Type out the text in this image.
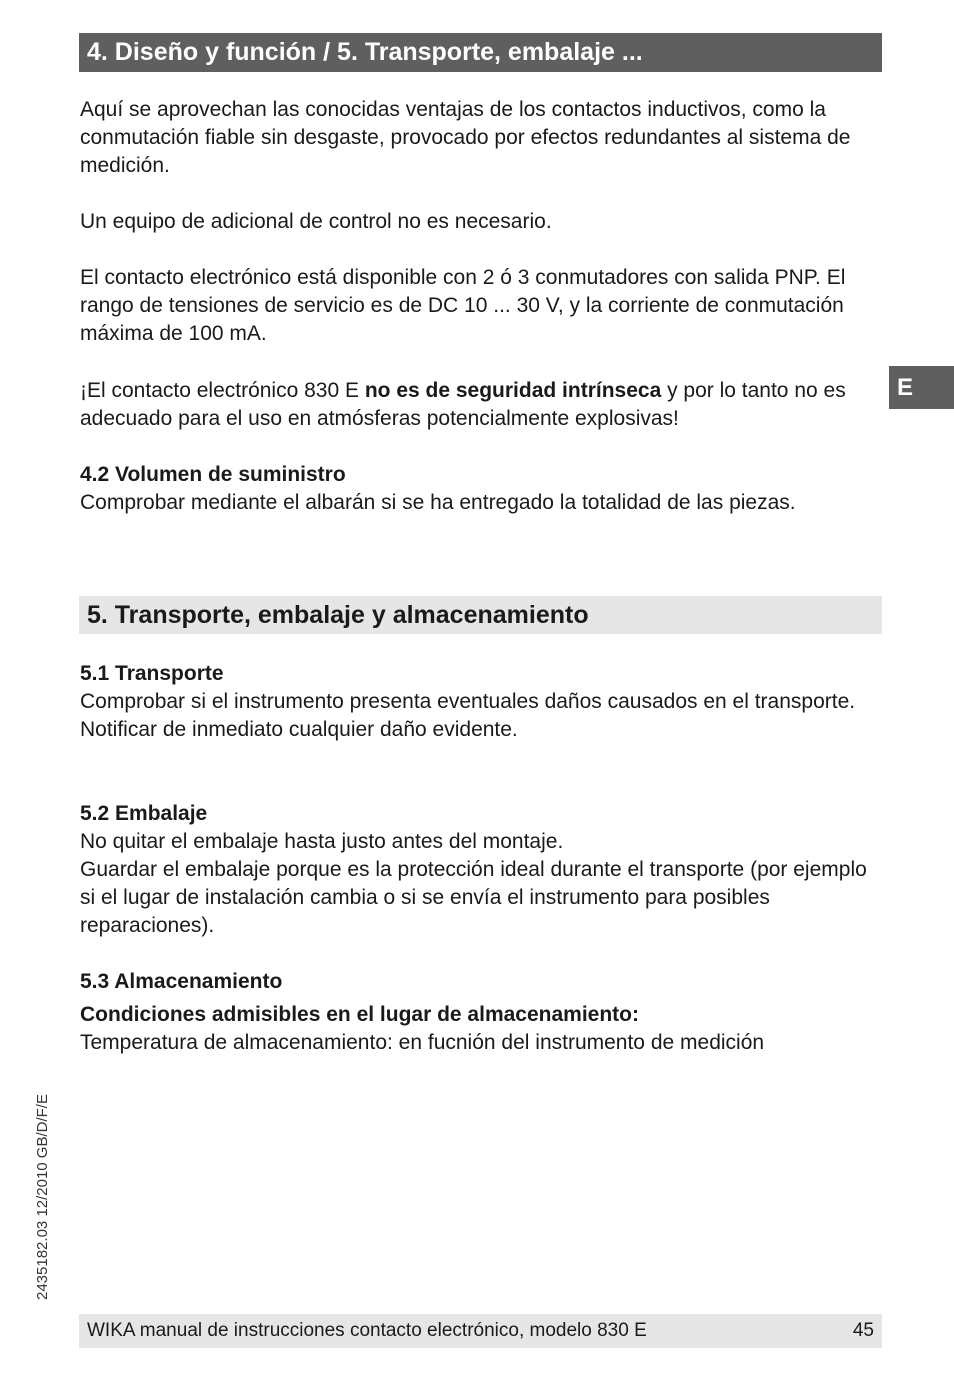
4. Diseño y función / 5. Transporte, embalaje ...
E

Aquí se aprovechan las conocidas ventajas de los contactos inductivos, como la conmutación fiable sin desgaste, provocado por efectos redundantes al sistema de medición.

Un equipo de adicional de control no es necesario.

El contacto electrónico está disponible con 2 ó 3 conmutadores con salida PNP. El rango de tensiones de servicio es de DC 10 ... 30 V, y la corriente de conmutación máxima de 100 mA.

¡El contacto electrónico 830 E no es de seguridad intrínseca y por lo tanto no es adecuado para el uso en atmósferas potencialmente explosivas!

4.2 Volumen de suministro

Comprobar mediante el albarán si se ha entregado la totalidad de las piezas.

5. Transporte, embalaje y almacenamiento
5.1 Transporte

Comprobar si el instrumento presenta eventuales daños causados en el transporte.

Notificar de inmediato cualquier daño evidente.

5.2 Embalaje

No quitar el embalaje hasta justo antes del montaje.

Guardar el embalaje porque es la protección ideal durante el transporte (por ejemplo si el lugar de instalación cambia o si se envía el instrumento para posibles reparaciones).

5.3 Almacenamiento
Condiciones admisibles en el lugar de almacenamiento:

Temperatura de almacenamiento: en fucnión del instrumento de medición

2435182.03 12/2010 GB/D/F/E
WIKA manual de instrucciones contacto electrónico, modelo 830 E	45
